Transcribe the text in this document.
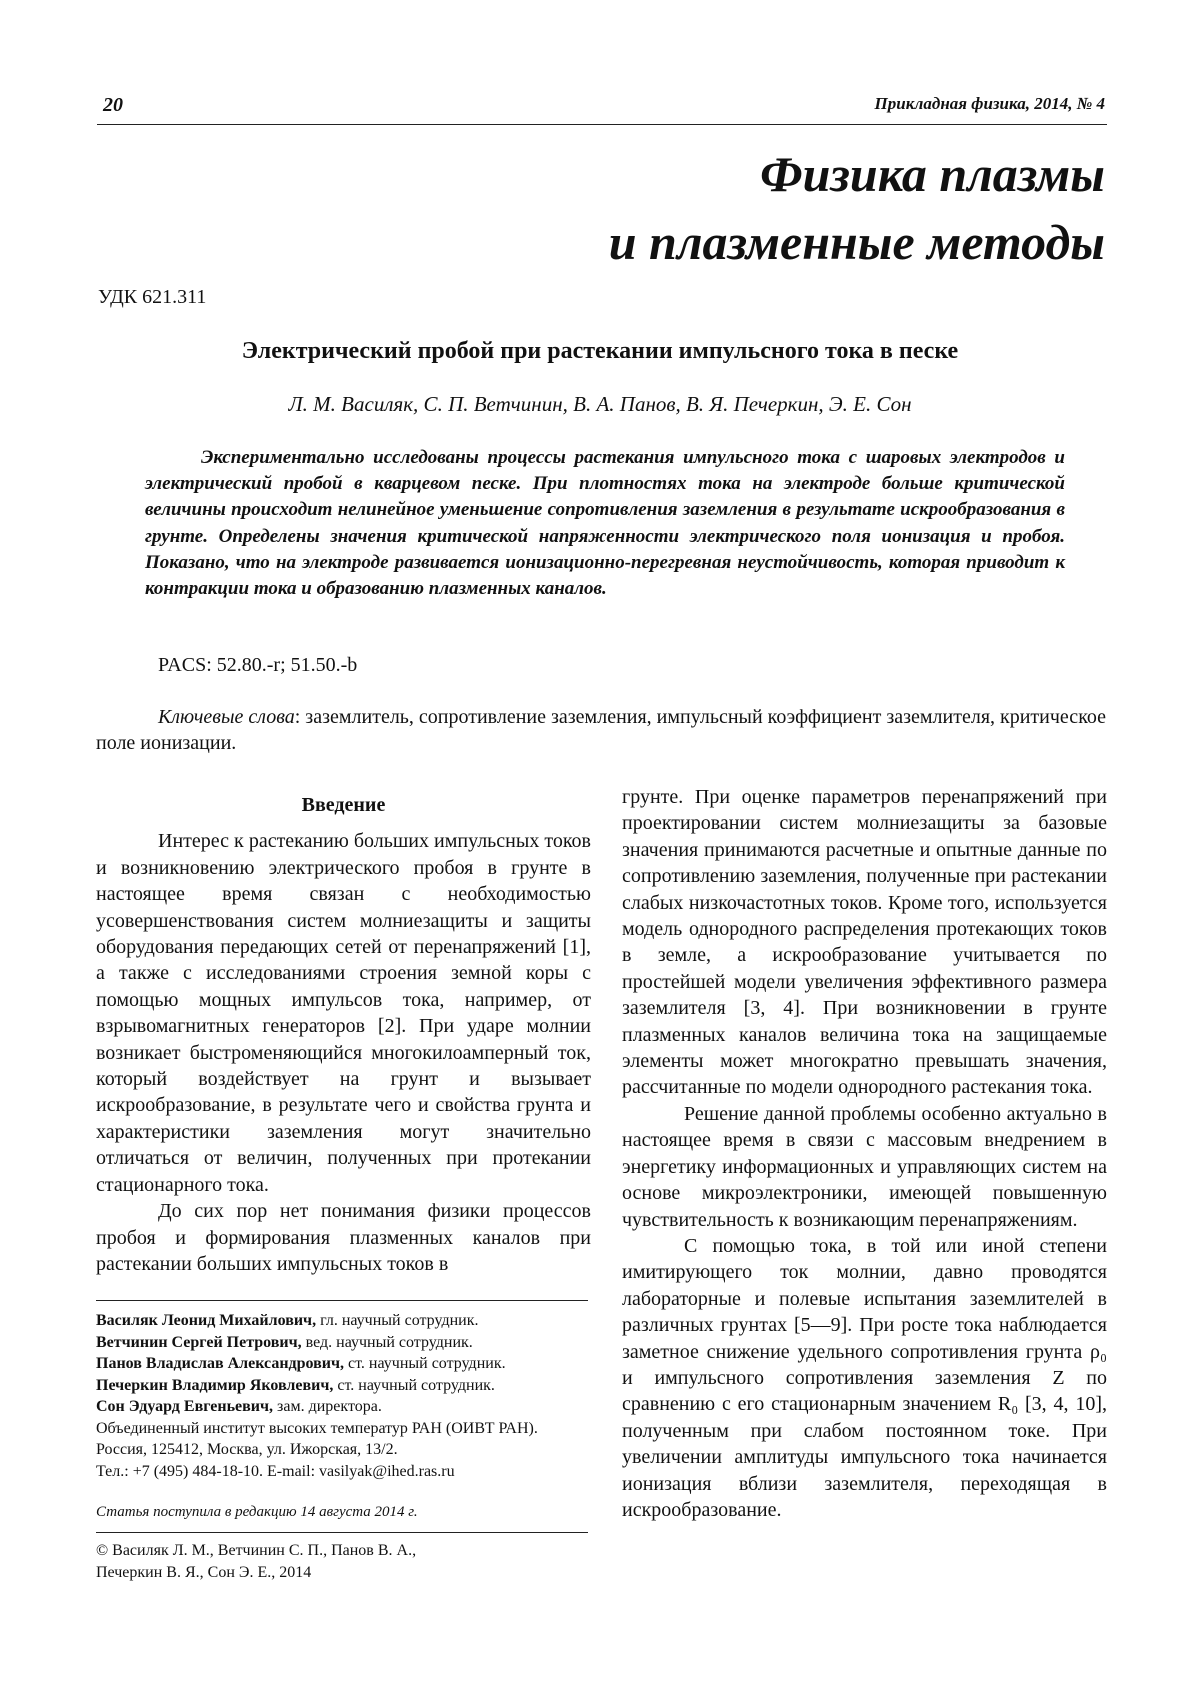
20	Прикладная физика, 2014, № 4
Физика плазмы
и плазменные методы
УДК 621.311
Электрический пробой при растекании импульсного тока в песке
Л. М. Василяк, С. П. Ветчинин, В. А. Панов, В. Я. Печеркин, Э. Е. Сон
Экспериментально исследованы процессы растекания импульсного тока с шаровых электродов и электрический пробой в кварцевом песке. При плотностях тока на электроде больше критической величины происходит нелинейное уменьшение сопротивления заземления в результате искрообразования в грунте. Определены значения критической напряженности электрического поля ионизация и пробоя. Показано, что на электроде развивается ионизационно-перегревная неустойчивость, которая приводит к контракции тока и образованию плазменных каналов.
PACS: 52.80.-r; 51.50.-b
Ключевые слова: заземлитель, сопротивление заземления, импульсный коэффициент заземлителя, критическое поле ионизации.
Введение

Интерес к растеканию больших импульсных токов и возникновению электрического пробоя в грунте в настоящее время связан с необходимостью усовершенствования систем молниезащиты и защиты оборудования передающих сетей от перенапряжений [1], а также с исследованиями строения земной коры с помощью мощных импульсов тока, например, от взрывомагнитных генераторов [2]. При ударе молнии возникает быстроменяющийся многокилоамперный ток, который воздействует на грунт и вызывает искрообразование, в результате чего и свойства грунта и характеристики заземления могут значительно отличаться от величин, полученных при протекании стационарного тока.

До сих пор нет понимания физики процессов пробоя и формирования плазменных каналов при растекании больших импульсных токов в

Василяк Леонид Михайлович, гл. научный сотрудник.
Ветчинин Сергей Петрович, вед. научный сотрудник.
Панов Владислав Александрович, ст. научный сотрудник.
Печеркин Владимир Яковлевич, ст. научный сотрудник.
Сон Эдуард Евгеньевич, зам. директора.
Объединенный институт высоких температур РАН (ОИВТ РАН).
Россия, 125412, Москва, ул. Ижорская, 13/2.
Тел.: +7 (495) 484-18-10. E-mail: vasilyak@ihed.ras.ru
Статья поступила в редакцию 14 августа 2014 г.
© Василяк Л. М., Ветчинин С. П., Панов В. А.,
Печеркин В. Я., Сон Э. Е., 2014

грунте. При оценке параметров перенапряжений при проектировании систем молниезащиты за базовые значения принимаются расчетные и опытные данные по сопротивлению заземления, полученные при растекании слабых низкочастотных токов. Кроме того, используется модель однородного распределения протекающих токов в земле, а искрообразование учитывается по простейшей модели увеличения эффективного размера заземлителя [3, 4]. При возникновении в грунте плазменных каналов величина тока на защищаемые элементы может многократно превышать значения, рассчитанные по модели однородного растекания тока.

Решение данной проблемы особенно актуально в настоящее время в связи с массовым внедрением в энергетику информационных и управляющих систем на основе микроэлектроники, имеющей повышенную чувствительность к возникающим перенапряжениям.

С помощью тока, в той или иной степени имитирующего ток молнии, давно проводятся лабораторные и полевые испытания заземлителей в различных грунтах [5—9]. При росте тока наблюдается заметное снижение удельного сопротивления грунта ρ₀ и импульсного сопротивления заземления Z по сравнению с его стационарным значением R₀ [3, 4, 10], полученным при слабом постоянном токе. При увеличении амплитуды импульсного тока начинается ионизация вблизи заземлителя, переходящая в искрообразование.
